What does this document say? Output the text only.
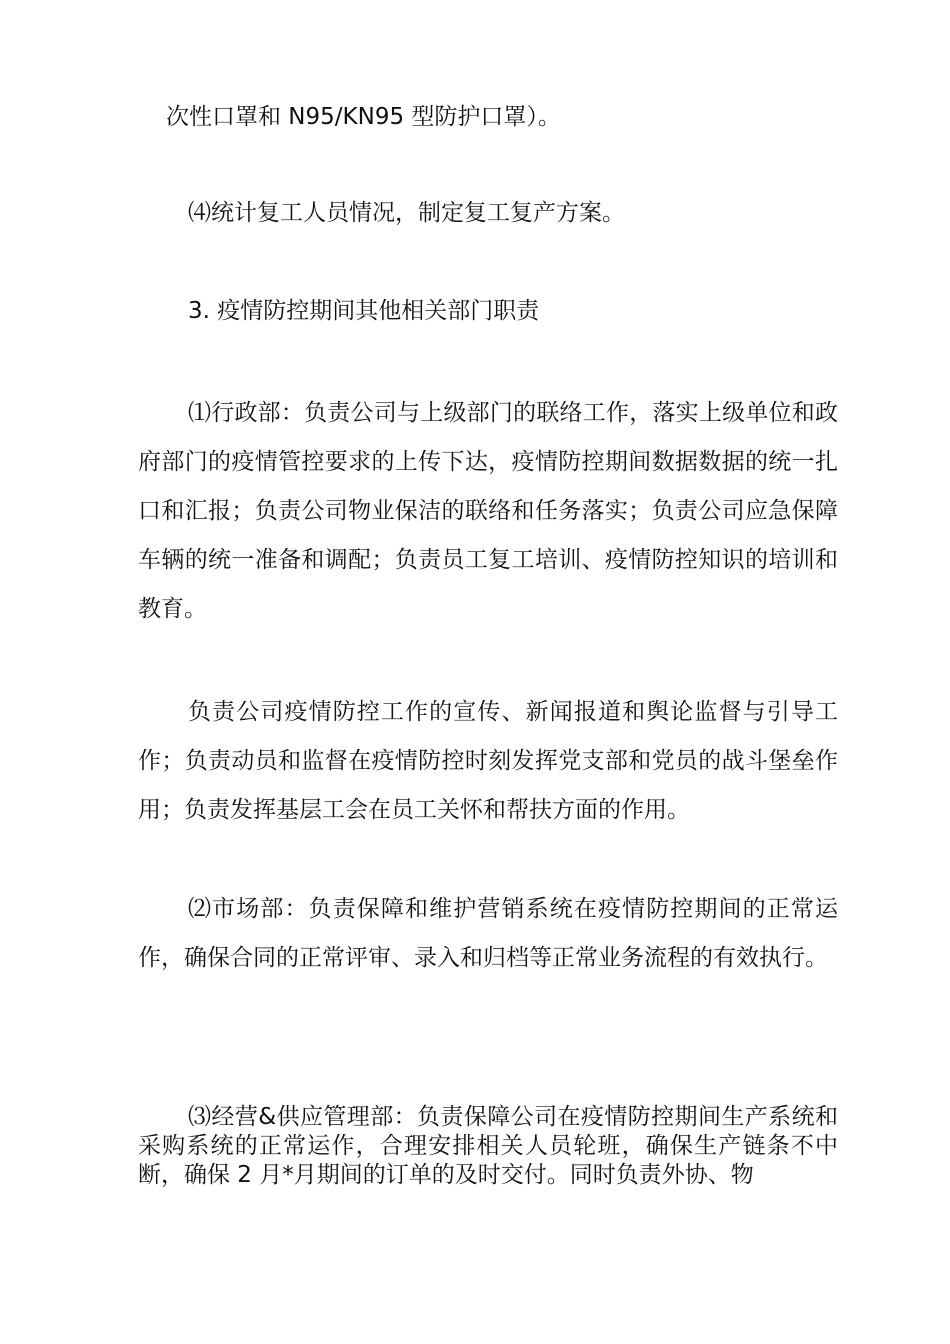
次性口罩和 N95/KN95 型防护口罩）。

⑷统计复工人员情况，制定复工复产方案。

3. 疫情防控期间其他相关部门职责

⑴行政部：负责公司与上级部门的联络工作，落实上级单位和政府部门的疫情管控要求的上传下达，疫情防控期间数据数据的统一扎口和汇报；负责公司物业保洁的联络和任务落实；负责公司应急保障车辆的统一准备和调配；负责员工复工培训、疫情防控知识的培训和教育。

负责公司疫情防控工作的宣传、新闻报道和舆论监督与引导工作；负责动员和监督在疫情防控时刻发挥党支部和党员的战斗堡垒作用；负责发挥基层工会在员工关怀和帮扶方面的作用。

⑵市场部：负责保障和维护营销系统在疫情防控期间的正常运作，确保合同的正常评审、录入和归档等正常业务流程的有效执行。

⑶经营&供应管理部：负责保障公司在疫情防控期间生产系统和采购系统的正常运作，合理安排相关人员轮班，确保生产链条不中断，确保 2 月*月期间的订单的及时交付。同时负责外协、物
